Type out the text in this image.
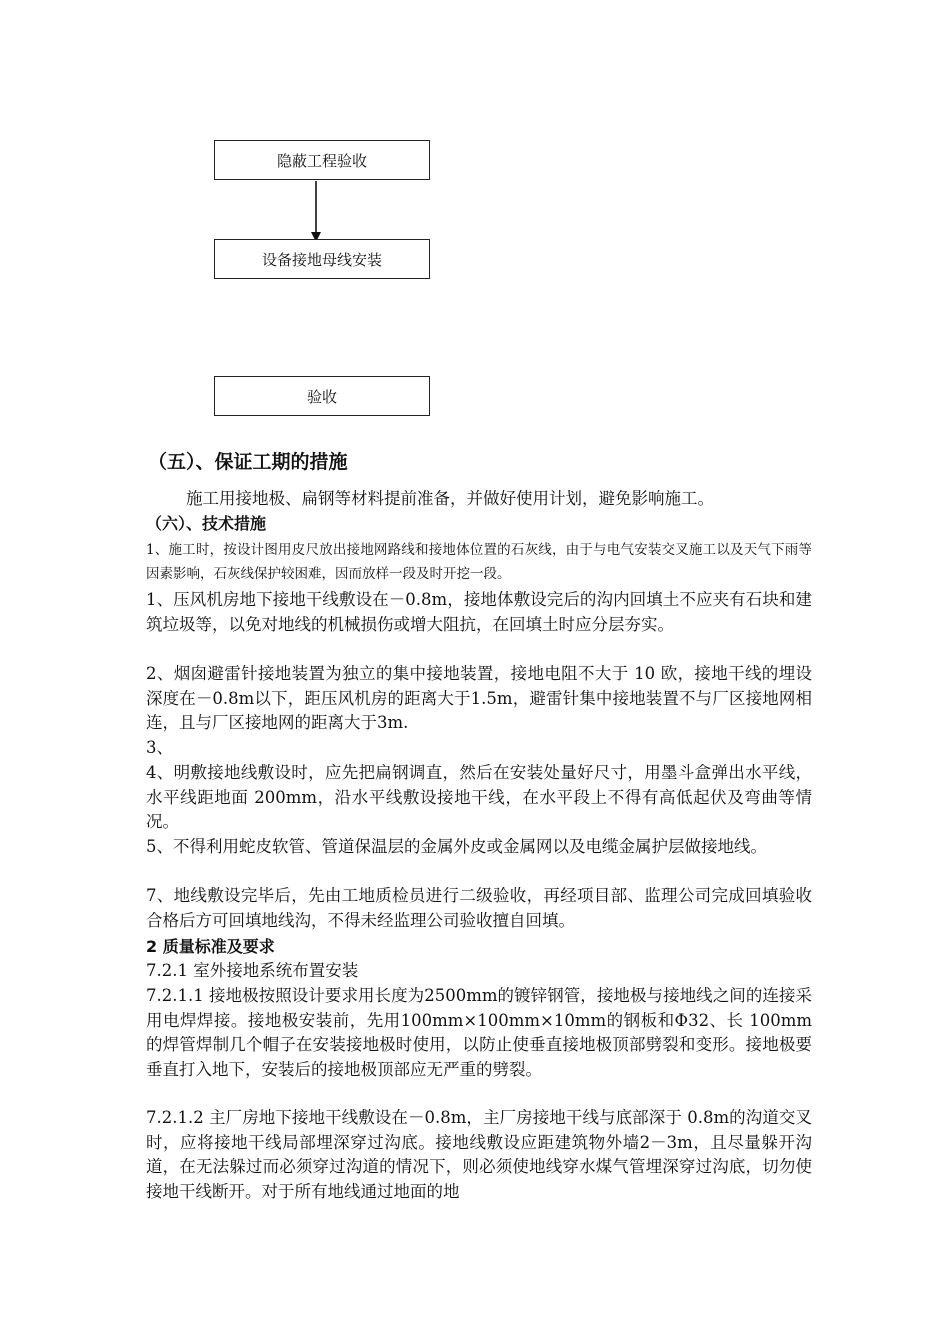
隐蔽工程验收
设备接地母线安装
验收
（五）、保证工期的措施
施工用接地极、扁钢等材料提前准备，并做好使用计划，避免影响施工。
（六）、技术措施
1、施工时，按设计图用皮尺放出接地网路线和接地体位置的石灰线，由于与电气安装交叉施工以及天气下雨等因素影响，石灰线保护较困难，因而放样一段及时开挖一段。
1、压风机房地下接地干线敷设在－0.8m，接地体敷设完后的沟内回填土不应夹有石块和建筑垃圾等，以免对地线的机械损伤或增大阻抗，在回填土时应分层夯实。
2、烟囱避雷针接地装置为独立的集中接地装置，接地电阻不大于 10 欧，接地干线的埋设深度在－0.8m以下，距压风机房的距离大于1.5m，避雷针集中接地装置不与厂区接地网相连，且与厂区接地网的距离大于3m.
3、
4、明敷接地线敷设时，应先把扁钢调直，然后在安装处量好尺寸，用墨斗盒弹出水平线，水平线距地面 200mm，沿水平线敷设接地干线，在水平段上不得有高低起伏及弯曲等情况。
5、不得利用蛇皮软管、管道保温层的金属外皮或金属网以及电缆金属护层做接地线。
7、地线敷设完毕后，先由工地质检员进行二级验收，再经项目部、监理公司完成回填验收合格后方可回填地线沟，不得未经监理公司验收擅自回填。
2 质量标准及要求
7.2.1 室外接地系统布置安装
7.2.1.1 接地极按照设计要求用长度为2500mm的镀锌钢管，接地极与接地线之间的连接采用电焊焊接。接地极安装前，先用100mm×100mm×10mm的钢板和Φ32、长 100mm 的焊管焊制几个帽子在安装接地极时使用，以防止使垂直接地极顶部劈裂和变形。接地极要垂直打入地下，安装后的接地极顶部应无严重的劈裂。
7.2.1.2 主厂房地下接地干线敷设在－0.8m，主厂房接地干线与底部深于 0.8m的沟道交叉时，应将接地干线局部埋深穿过沟底。接地线敷设应距建筑物外墙2－3m，且尽量躲开沟道，在无法躲过而必须穿过沟道的情况下，则必须使地线穿水煤气管埋深穿过沟底，切勿使接地干线断开。对于所有地线通过地面的地
